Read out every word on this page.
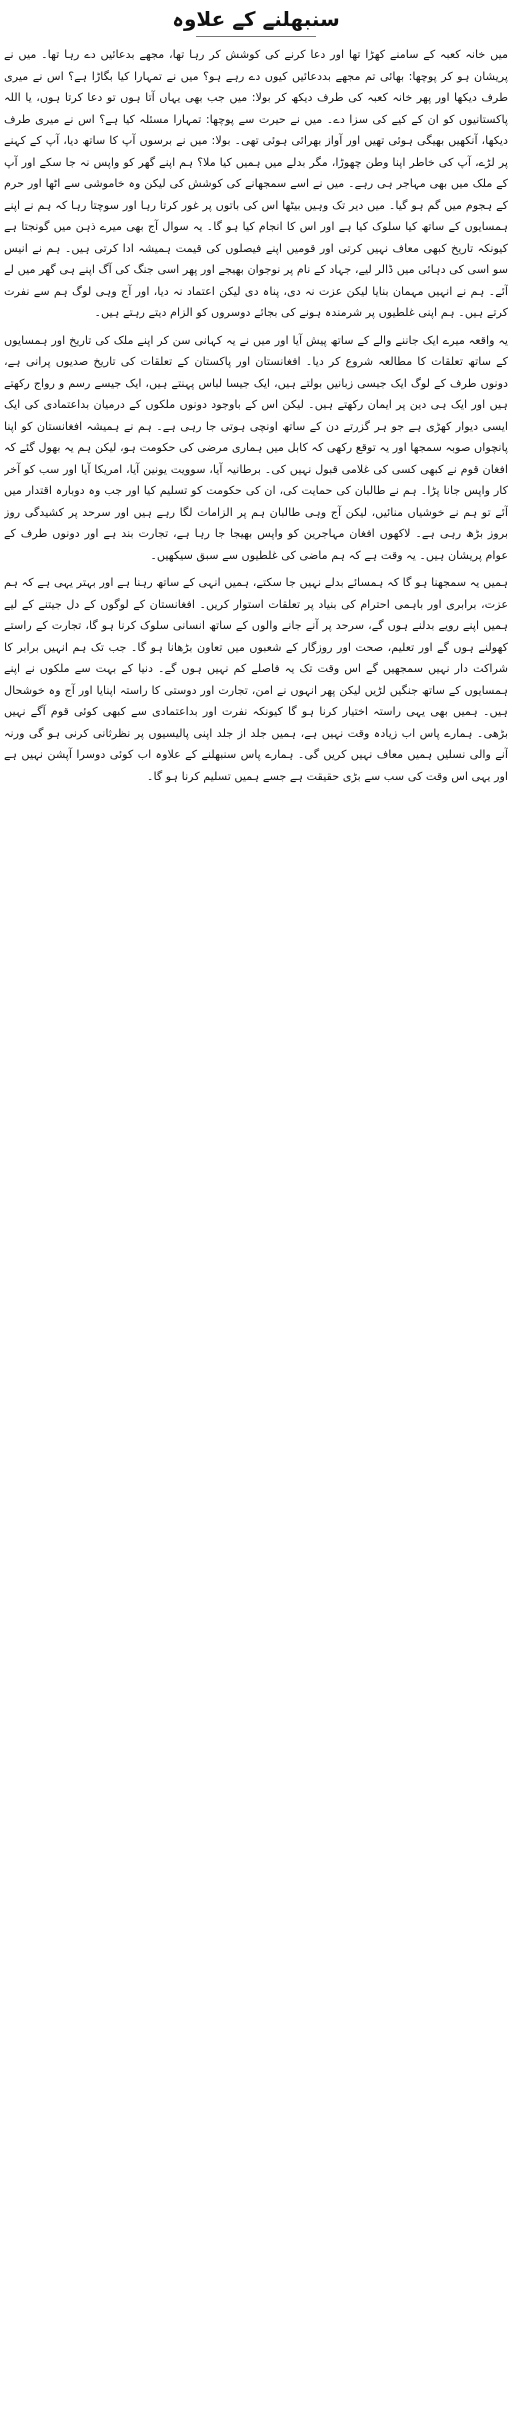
سنبھلنے کے علاوہ

میں خانہ کعبہ کے سامنے کھڑا تھا اور دعا کرنے کی کوشش کر رہا تھا، مجھے بدعائیں دے رہا تھا۔ میں نے پریشان ہو کر پوچھا: بھائی تم مجھے بددعائیں کیوں دے رہے ہو؟ میں نے تمہارا کیا بگاڑا ہے؟ اس نے میری طرف دیکھا اور پھر خانہ کعبہ کی طرف دیکھ کر بولا: میں جب بھی یہاں آتا ہوں تو دعا کرتا ہوں، یا اللہ پاکستانیوں کو ان کے کیے کی سزا دے۔ میں نے حیرت سے پوچھا: تمہارا مسئلہ کیا ہے؟ اس نے میری طرف دیکھا، آنکھیں بھیگی ہوئی تھیں اور آواز بھرائی ہوئی تھی۔ بولا: میں نے برسوں آپ کا ساتھ دیا، آپ کے کہنے پر لڑے، آپ کی خاطر اپنا وطن چھوڑا، مگر بدلے میں ہمیں کیا ملا؟ ہم اپنے گھر کو واپس نہ جا سکے اور آپ کے ملک میں بھی مہاجر ہی رہے۔ میں نے اسے سمجھانے کی کوشش کی لیکن وہ خاموشی سے اٹھا اور حرم کے ہجوم میں گم ہو گیا۔ میں دیر تک وہیں بیٹھا اس کی باتوں پر غور کرتا رہا اور سوچتا رہا کہ ہم نے اپنے ہمسایوں کے ساتھ کیا سلوک کیا ہے اور اس کا انجام کیا ہو گا۔ یہ سوال آج بھی میرے ذہن میں گونجتا ہے کیونکہ تاریخ کبھی معاف نہیں کرتی اور قومیں اپنے فیصلوں کی قیمت ہمیشہ ادا کرتی ہیں۔ ہم نے انیس سو اسی کی دہائی میں ڈالر لیے، جہاد کے نام پر نوجوان بھیجے اور پھر اسی جنگ کی آگ اپنے ہی گھر میں لے آئے۔ ہم نے انہیں مہمان بنایا لیکن عزت نہ دی، پناہ دی لیکن اعتماد نہ دیا، اور آج وہی لوگ ہم سے نفرت کرتے ہیں۔ ہم اپنی غلطیوں پر شرمندہ ہونے کی بجائے دوسروں کو الزام دیتے رہتے ہیں۔

یہ واقعہ میرے ایک جاننے والے کے ساتھ پیش آیا اور میں نے یہ کہانی سن کر اپنے ملک کی تاریخ اور ہمسایوں کے ساتھ تعلقات کا مطالعہ شروع کر دیا۔ افغانستان اور پاکستان کے تعلقات کی تاریخ صدیوں پرانی ہے، دونوں طرف کے لوگ ایک جیسی زبانیں بولتے ہیں، ایک جیسا لباس پہنتے ہیں، ایک جیسے رسم و رواج رکھتے ہیں اور ایک ہی دین پر ایمان رکھتے ہیں۔ لیکن اس کے باوجود دونوں ملکوں کے درمیان بداعتمادی کی ایک ایسی دیوار کھڑی ہے جو ہر گزرتے دن کے ساتھ اونچی ہوتی جا رہی ہے۔ ہم نے ہمیشہ افغانستان کو اپنا پانچواں صوبہ سمجھا اور یہ توقع رکھی کہ کابل میں ہماری مرضی کی حکومت ہو، لیکن ہم یہ بھول گئے کہ افغان قوم نے کبھی کسی کی غلامی قبول نہیں کی۔ برطانیہ آیا، سوویت یونین آیا، امریکا آیا اور سب کو آخر کار واپس جانا پڑا۔ ہم نے طالبان کی حمایت کی، ان کی حکومت کو تسلیم کیا اور جب وہ دوبارہ اقتدار میں آئے تو ہم نے خوشیاں منائیں، لیکن آج وہی طالبان ہم پر الزامات لگا رہے ہیں اور سرحد پر کشیدگی روز بروز بڑھ رہی ہے۔ لاکھوں افغان مہاجرین کو واپس بھیجا جا رہا ہے، تجارت بند ہے اور دونوں طرف کے عوام پریشان ہیں۔ یہ وقت ہے کہ ہم ماضی کی غلطیوں سے سبق سیکھیں۔

ہمیں یہ سمجھنا ہو گا کہ ہمسائے بدلے نہیں جا سکتے، ہمیں انہی کے ساتھ رہنا ہے اور بہتر یہی ہے کہ ہم عزت، برابری اور باہمی احترام کی بنیاد پر تعلقات استوار کریں۔ افغانستان کے لوگوں کے دل جیتنے کے لیے ہمیں اپنے رویے بدلنے ہوں گے، سرحد پر آنے جانے والوں کے ساتھ انسانی سلوک کرنا ہو گا، تجارت کے راستے کھولنے ہوں گے اور تعلیم، صحت اور روزگار کے شعبوں میں تعاون بڑھانا ہو گا۔ جب تک ہم انہیں برابر کا شراکت دار نہیں سمجھیں گے اس وقت تک یہ فاصلے کم نہیں ہوں گے۔ دنیا کے بہت سے ملکوں نے اپنے ہمسایوں کے ساتھ جنگیں لڑیں لیکن پھر انہوں نے امن، تجارت اور دوستی کا راستہ اپنایا اور آج وہ خوشحال ہیں۔ ہمیں بھی یہی راستہ اختیار کرنا ہو گا کیونکہ نفرت اور بداعتمادی سے کبھی کوئی قوم آگے نہیں بڑھی۔ ہمارے پاس اب زیادہ وقت نہیں ہے، ہمیں جلد از جلد اپنی پالیسیوں پر نظرثانی کرنی ہو گی ورنہ آنے والی نسلیں ہمیں معاف نہیں کریں گی۔ ہمارے پاس سنبھلنے کے علاوہ اب کوئی دوسرا آپشن نہیں ہے اور یہی اس وقت کی سب سے بڑی حقیقت ہے جسے ہمیں تسلیم کرنا ہو گا۔
